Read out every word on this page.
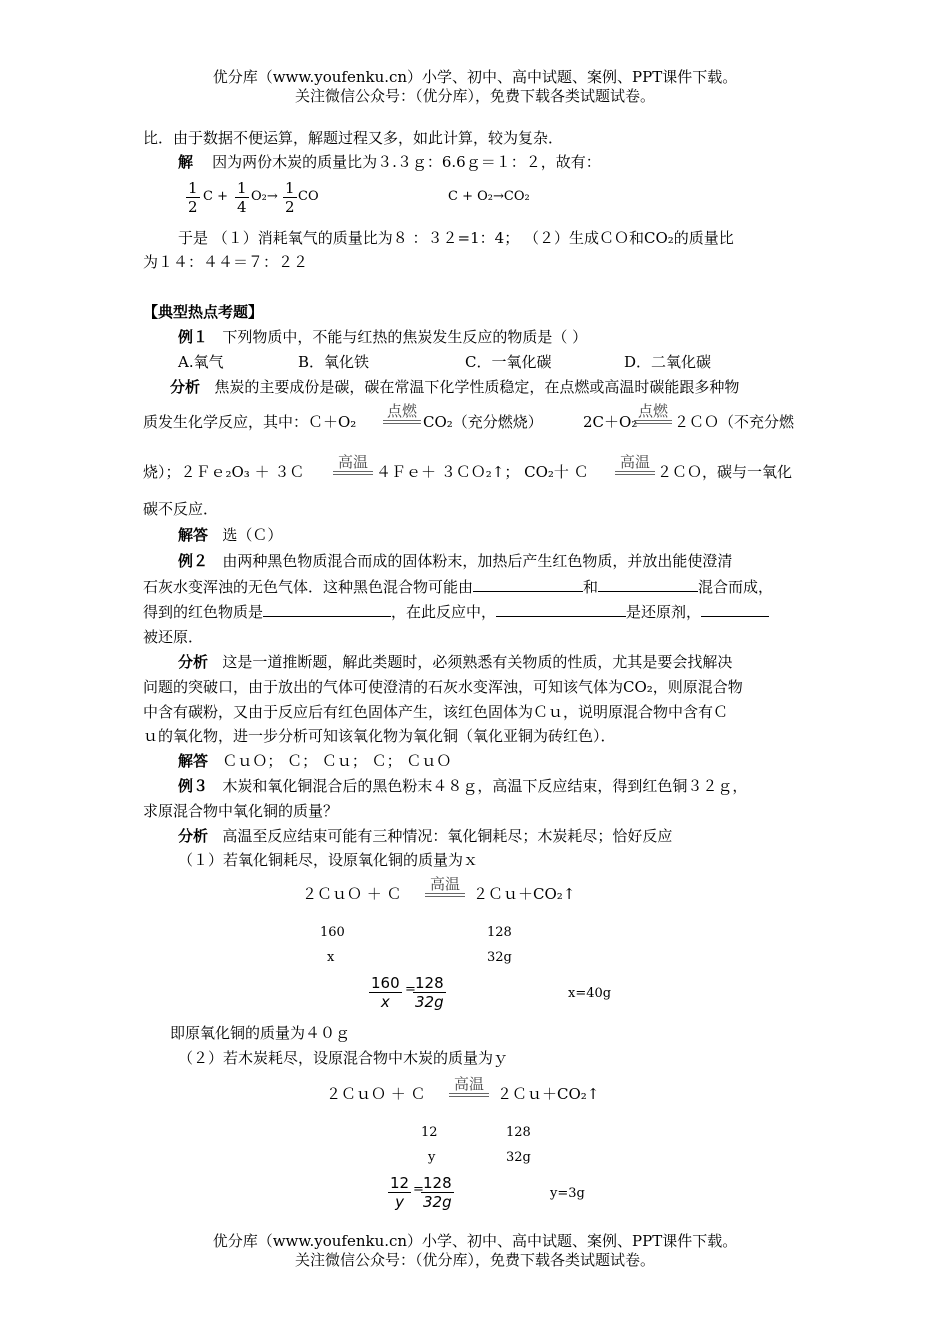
优分库（www.youfenku.cn）小学、初中、高中试题、案例、PPT课件下载。
关注微信公众号：（优分库），免费下载各类试题试卷。
比．由于数据不便运算，解题过程又多，如此计算，较为复杂．
解 因为两份木炭的质量比为３.３ｇ：6.6ｇ＝１：２，故有：
$\frac{1}{2}$ $C + \frac{1}{4} O_2\to \frac{1}{2}$ CO	C + O₂→CO₂
于是 （１）消耗氧气的质量比为８ ：３２=1：4； （２）生成ＣＯ和CO₂的质量比
为１４：４４＝７：２２
【典型热点考题】
例１ 下列物质中，不能与红热的焦炭发生反应的物质是（ ）
A.氧气	B．氧化铁	C．一氧化碳	D．二氧化碳
分析 焦炭的主要成份是碳，碳在常温下化学性质稳定，在点燃或高温时碳能跟多种物
质发生化学反应，其中：Ｃ＋O₂
点燃
CO₂（充分燃烧）	2C＋O₂
点燃
２ＣＯ（不充分燃
烧）；２Ｆｅ₂O₃ ＋ ３Ｃ
高温
４Ｆｅ＋ ３ＣＯ₂↑； CO₂十 Ｃ
高温
２ＣＯ，碳与一氧化
碳不反应．
解答 选（Ｃ）
例２ 由两种黑色物质混合而成的固体粉末，加热后产生红色物质，并放出能使澄清
石灰水变浑浊的无色气体．这种黑色混合物可能由	和	混合而成，
得到的红色物质是	，在此反应中，	是还原剂，
被还原．
分析 这是一道推断题，解此类题时，必须熟悉有关物质的性质，尤其是要会找解决
问题的突破口，由于放出的气体可使澄清的石灰水变浑浊，可知该气体为CO₂，则原混合物
中含有碳粉，又由于反应后有红色固体产生，该红色固体为Ｃｕ，说明原混合物中含有Ｃ
ｕ的氧化物，进一步分析可知该氧化物为氧化铜（氧化亚铜为砖红色）．
解答 ＣｕＯ； Ｃ； Ｃｕ； Ｃ； ＣｕＯ
例３ 木炭和氧化铜混合后的黑色粉末４８ｇ，高温下反应结束，得到红色铜３２ｇ，
求原混合物中氧化铜的质量？
分析 高温至反应结束可能有三种情况：氧化铜耗尽；木炭耗尽；恰好反应
（１）若氧化铜耗尽，设原氧化铜的质量为ｘ
２ＣｕＯ ＋ Ｃ
高温
２Ｃｕ＋CO₂↑
160	128
x	32g
$\frac{160}{x}$ =
$\frac{128}{32g}$	x=40g
即原氧化铜的质量为４０ｇ
（２）若木炭耗尽，设原混合物中木炭的质量为ｙ
２ＣｕＯ ＋ Ｃ
高温
２Ｃｕ＋CO₂↑
12	128
y	32g
$\frac{12}{y}$ =
$\frac{128}{32g}$	y=3g
优分库（www.youfenku.cn）小学、初中、高中试题、案例、PPT课件下载。
关注微信公众号：（优分库），免费下载各类试题试卷。
